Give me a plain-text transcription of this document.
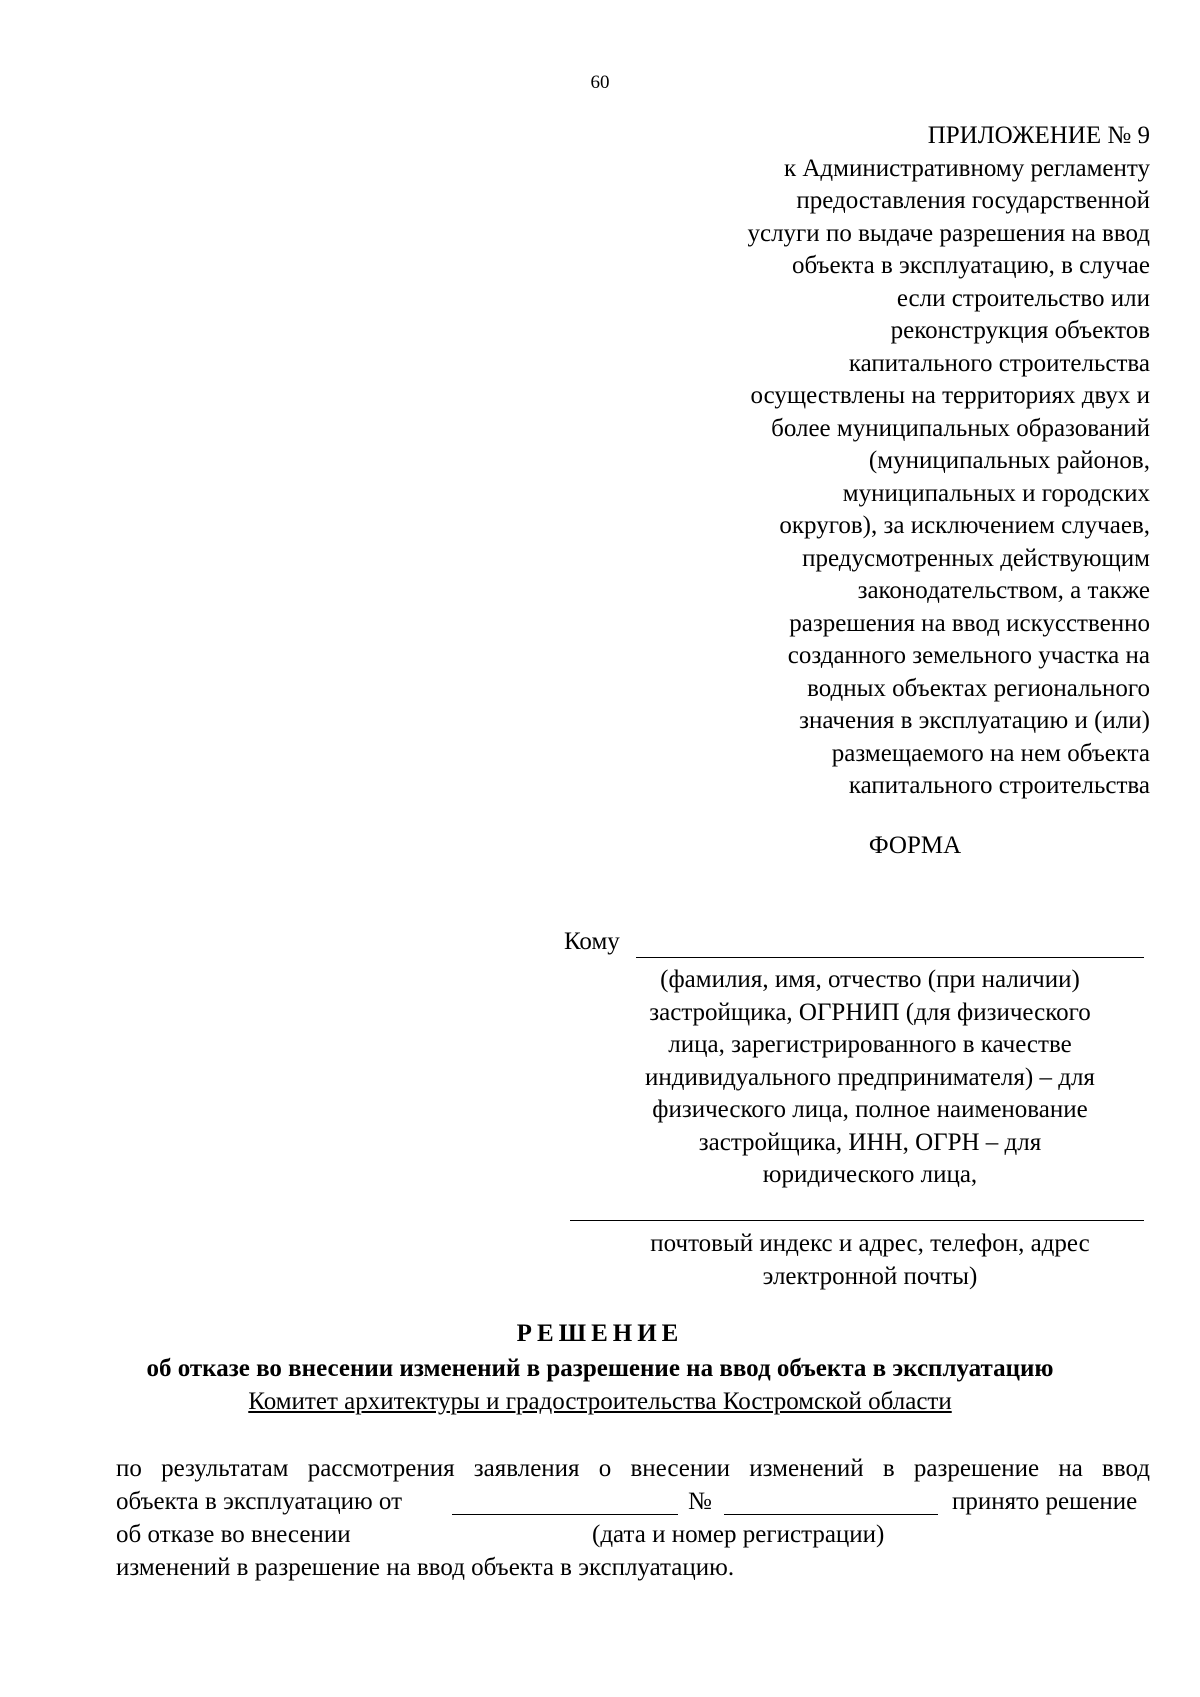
60
ПРИЛОЖЕНИЕ № 9
к Административному регламенту
предоставления государственной
услуги по выдаче разрешения на ввод
объекта в эксплуатацию, в случае
если строительство или
реконструкция объектов
капитального строительства
осуществлены на территориях двух и
более муниципальных образований
(муниципальных районов,
муниципальных и городских
округов), за исключением случаев,
предусмотренных действующим
законодательством, а также
разрешения на ввод искусственно
созданного земельного участка на
водных объектах регионального
значения в эксплуатацию и (или)
размещаемого на нем объекта
капитального строительства
ФОРМА
Кому
(фамилия, имя, отчество (при наличии)
застройщика, ОГРНИП (для физического
лица, зарегистрированного в качестве
индивидуального предпринимателя) – для
физического лица, полное наименование
застройщика, ИНН, ОГРН – для
юридического лица,
почтовый индекс и адрес, телефон, адрес
электронной почты)
РЕШЕНИЕ
об отказе во внесении изменений в разрешение на ввод объекта в эксплуатацию
Комитет архитектуры и градостроительства Костромской области
по результатам рассмотрения заявления о внесении изменений в разрешение на ввод
объекта в эксплуатацию от	№	принято решение
об отказе во внесении	(дата и номер регистрации)
изменений в разрешение на ввод объекта в эксплуатацию.
